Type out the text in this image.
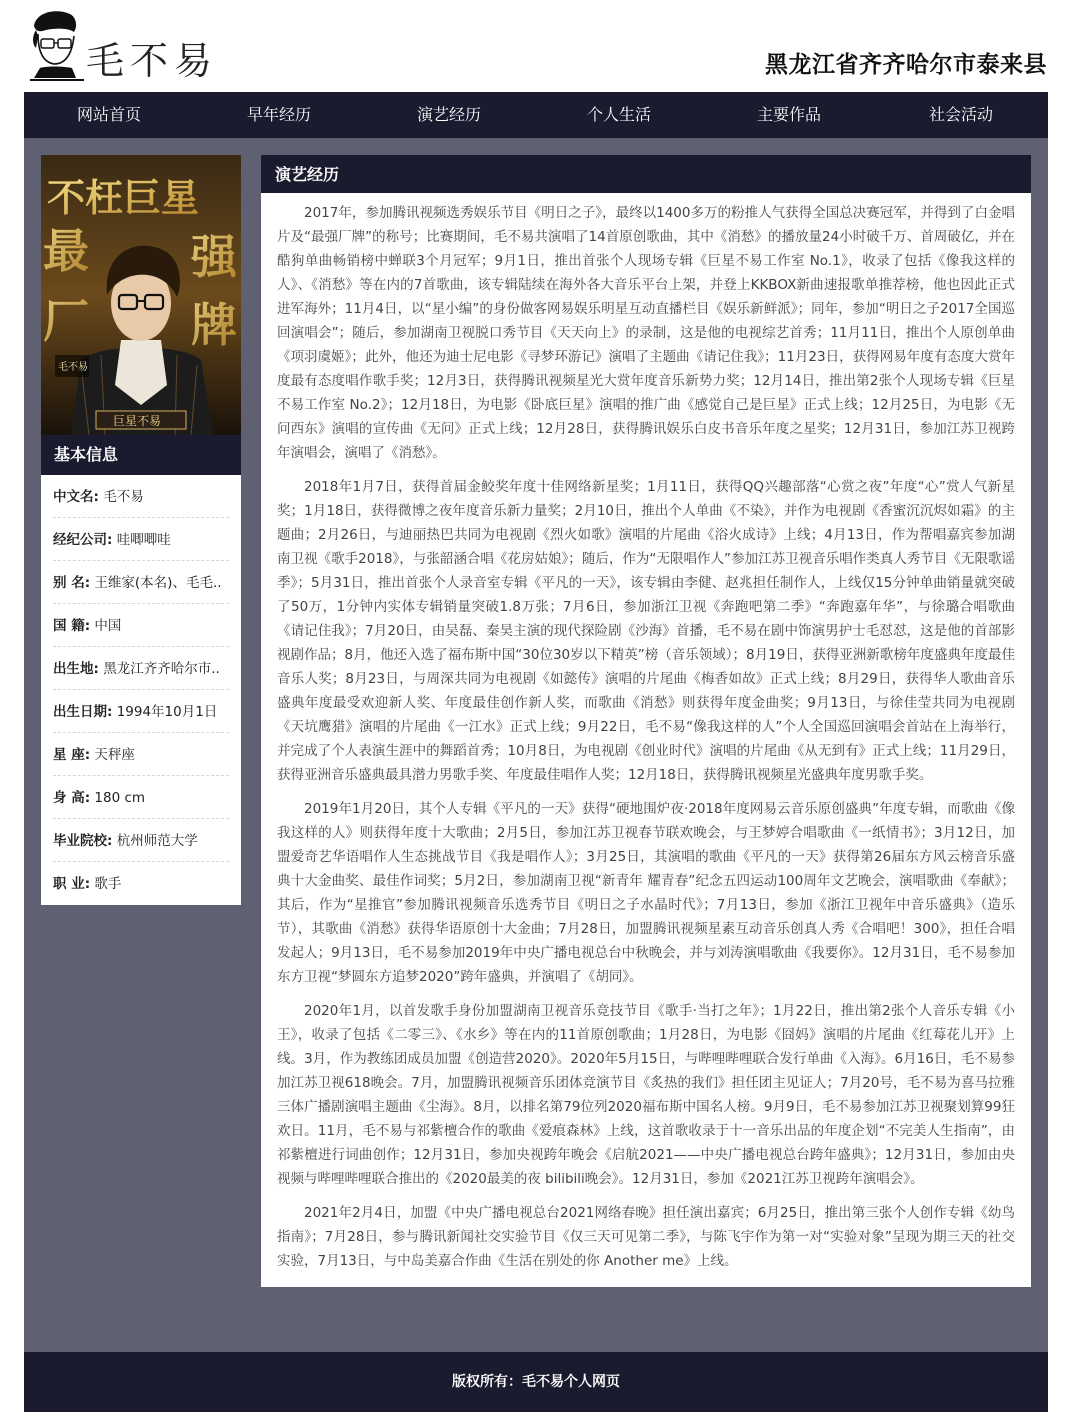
毛不易	黑龙江省齐齐哈尔市泰来县
网站首页	早年经历	演艺经历	个人生活	主要作品	社会活动
不枉巨星
最 强
厂 牌
毛不易
巨星不易
基本信息
中文名: 毛不易
经纪公司: 哇唧唧哇
别 名: 王维家(本名)、毛毛..
国 籍: 中国
出生地: 黑龙江齐齐哈尔市..
出生日期: 1994年10月1日
星 座: 天秤座
身 高: 180 cm
毕业院校: 杭州师范大学
职 业: 歌手
演艺经历

2017年，参加腾讯视频选秀娱乐节目《明日之子》，最终以1400多万的粉推人气获得全国总决赛冠军，并得到了白金唱片及“最强厂牌”的称号；比赛期间，毛不易共演唱了14首原创歌曲，其中《消愁》的播放量24小时破千万、首周破亿，并在酷狗单曲畅销榜中蝉联3个月冠军；9月1日，推出首张个人现场专辑《巨星不易工作室 No.1》，收录了包括《像我这样的人》、《消愁》等在内的7首歌曲，该专辑陆续在海外各大音乐平台上架，并登上KKBOX新曲速报歌单推荐榜，他也因此正式进军海外；11月4日，以“星小编”的身份做客网易娱乐明星互动直播栏目《娱乐新鲜派》；同年，参加“明日之子2017全国巡回演唱会”；随后，参加湖南卫视脱口秀节目《天天向上》的录制，这是他的电视综艺首秀；11月11日，推出个人原创单曲《项羽虞姬》；此外，他还为迪士尼电影《寻梦环游记》演唱了主题曲《请记住我》；11月23日，获得网易年度有态度大赏年度最有态度唱作歌手奖；12月3日，获得腾讯视频星光大赏年度音乐新势力奖；12月14日，推出第2张个人现场专辑《巨星不易工作室 No.2》；12月18日，为电影《卧底巨星》演唱的推广曲《感觉自己是巨星》正式上线；12月25日，为电影《无问西东》演唱的宣传曲《无问》正式上线；12月28日，获得腾讯娱乐白皮书音乐年度之星奖；12月31日，参加江苏卫视跨年演唱会，演唱了《消愁》。

2018年1月7日，获得首届金鲛奖年度十佳网络新星奖；1月11日，获得QQ兴趣部落“心赏之夜”年度“心”赏人气新星奖；1月18日，获得微博之夜年度音乐新力量奖；2月10日，推出个人单曲《不染》，并作为电视剧《香蜜沉沉烬如霜》的主题曲；2月26日，与迪丽热巴共同为电视剧《烈火如歌》演唱的片尾曲《浴火成诗》上线；4月13日，作为帮唱嘉宾参加湖南卫视《歌手2018》，与张韶涵合唱《花房姑娘》；随后，作为“无限唱作人”参加江苏卫视音乐唱作类真人秀节目《无限歌谣季》；5月31日，推出首张个人录音室专辑《平凡的一天》，该专辑由李健、赵兆担任制作人，上线仅15分钟单曲销量就突破了50万，1分钟内实体专辑销量突破1.8万张；7月6日，参加浙江卫视《奔跑吧第二季》“奔跑嘉年华”，与徐璐合唱歌曲《请记住我》；7月20日，由吴磊、秦昊主演的现代探险剧《沙海》首播，毛不易在剧中饰演男护士毛怼怼，这是他的首部影视剧作品；8月，他还入选了福布斯中国“30位30岁以下精英”榜（音乐领域）；8月19日，获得亚洲新歌榜年度盛典年度最佳音乐人奖；8月23日，与周深共同为电视剧《如懿传》演唱的片尾曲《梅香如故》正式上线；8月29日，获得华人歌曲音乐盛典年度最受欢迎新人奖、年度最佳创作新人奖，而歌曲《消愁》则获得年度金曲奖；9月13日，与徐佳莹共同为电视剧《天坑鹰猎》演唱的片尾曲《一江水》正式上线；9月22日，毛不易“像我这样的人”个人全国巡回演唱会首站在上海举行，并完成了个人表演生涯中的舞蹈首秀；10月8日，为电视剧《创业时代》演唱的片尾曲《从无到有》正式上线；11月29日，获得亚洲音乐盛典最具潜力男歌手奖、年度最佳唱作人奖；12月18日，获得腾讯视频星光盛典年度男歌手奖。

2019年1月20日，其个人专辑《平凡的一天》获得“硬地围炉夜·2018年度网易云音乐原创盛典”年度专辑，而歌曲《像我这样的人》则获得年度十大歌曲；2月5日，参加江苏卫视春节联欢晚会，与王梦婷合唱歌曲《一纸情书》；3月12日，加盟爱奇艺华语唱作人生态挑战节目《我是唱作人》；3月25日，其演唱的歌曲《平凡的一天》获得第26届东方风云榜音乐盛典十大金曲奖、最佳作词奖；5月2日，参加湖南卫视“新青年 耀青春”纪念五四运动100周年文艺晚会，演唱歌曲《奉献》；其后，作为“星推官”参加腾讯视频音乐选秀节目《明日之子水晶时代》；7月13日，参加《浙江卫视年中音乐盛典》（造乐节），其歌曲《消愁》获得华语原创十大金曲；7月28日，加盟腾讯视频星素互动音乐创真人秀《合唱吧！300》，担任合唱发起人；9月13日，毛不易参加2019年中央广播电视总台中秋晚会，并与刘涛演唱歌曲《我要你》。12月31日，毛不易参加东方卫视“梦圆东方追梦2020”跨年盛典，并演唱了《胡同》。

2020年1月，以首发歌手身份加盟湖南卫视音乐竞技节目《歌手·当打之年》；1月22日，推出第2张个人音乐专辑《小王》，收录了包括《二零三》、《水乡》等在内的11首原创歌曲；1月28日，为电影《囧妈》演唱的片尾曲《红莓花儿开》上线。3月，作为教练团成员加盟《创造营2020》。2020年5月15日，与哔哩哔哩联合发行单曲《入海》。6月16日，毛不易参加江苏卫视618晚会。7月，加盟腾讯视频音乐团体竞演节目《炙热的我们》担任团主见证人；7月20号，毛不易为喜马拉雅三体广播剧演唱主题曲《尘海》。8月，以排名第79位列2020福布斯中国名人榜。9月9日，毛不易参加江苏卫视聚划算99狂欢日。11月，毛不易与祁紫檀合作的歌曲《爱痕森林》上线，这首歌收录于十一音乐出品的年度企划“不完美人生指南”，由祁紫檀进行词曲创作；12月31日，参加央视跨年晚会《启航2021——中央广播电视总台跨年盛典》；12月31日，参加由央视频与哔哩哔哩联合推出的《2020最美的夜 bilibili晚会》。12月31日，参加《2021江苏卫视跨年演唱会》。

2021年2月4日，加盟《中央广播电视总台2021网络春晚》担任演出嘉宾；6月25日，推出第三张个人创作专辑《幼鸟指南》；7月28日，参与腾讯新闻社交实验节目《仅三天可见第二季》，与陈飞宇作为第一对“实验对象”呈现为期三天的社交实验，7月13日，与中岛美嘉合作曲《生活在别处的你 Another me》上线。

版权所有：毛不易个人网页
